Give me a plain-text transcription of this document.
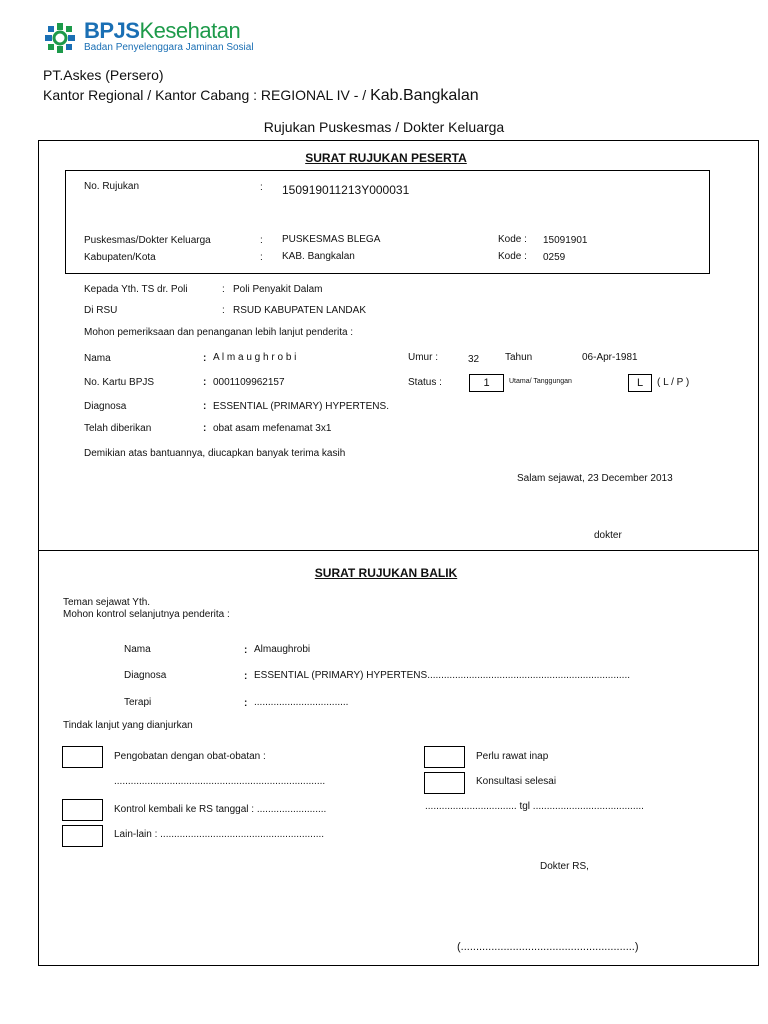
BPJSKesehatan
Badan Penyelenggara Jaminan Sosial
PT.Askes (Persero)
Kantor Regional / Kantor Cabang : REGIONAL IV - / Kab.Bangkalan
Rujukan Puskesmas / Dokter Keluarga
SURAT RUJUKAN PESERTA
No. Rujukan	: 150919011213Y000031
Puskesmas/Dokter Keluarga	: PUSKESMAS BLEGA	Kode : 15091901
Kabupaten/Kota	: KAB. Bangkalan	Kode : 0259
Kepada Yth. TS dr. Poli	: Poli Penyakit Dalam
Di RSU	: RSUD KABUPATEN LANDAK
Mohon pemeriksaan dan penanganan lebih lanjut penderita :
Nama	: A l m a u g h r o b i	Umur :	32	Tahun	06-Apr-1981
No. Kartu BPJS	: 0001109962157	Status :	1	Utama/ Tanggungan	L	( L / P )
Diagnosa	: ESSENTIAL (PRIMARY) HYPERTENS.
Telah diberikan	: obat asam mefenamat 3x1
Demikian atas bantuannya, diucapkan banyak terima kasih
Salam sejawat, 23 December 2013
dokter
SURAT RUJUKAN BALIK
Teman sejawat Yth.
Mohon kontrol selanjutnya penderita :
Nama	: Almaughrobi
Diagnosa	: ESSENTIAL (PRIMARY) HYPERTENS.........................................................................
Terapi	: ..................................
Tindak lanjut yang dianjurkan
Pengobatan dengan obat-obatan :
............................................................................
Kontrol kembali ke RS tanggal : .........................
Lain-lain : ...........................................................
Perlu rawat inap
Konsultasi selesai
................................. tgl ........................................
Dokter RS,
(.........................................................)
